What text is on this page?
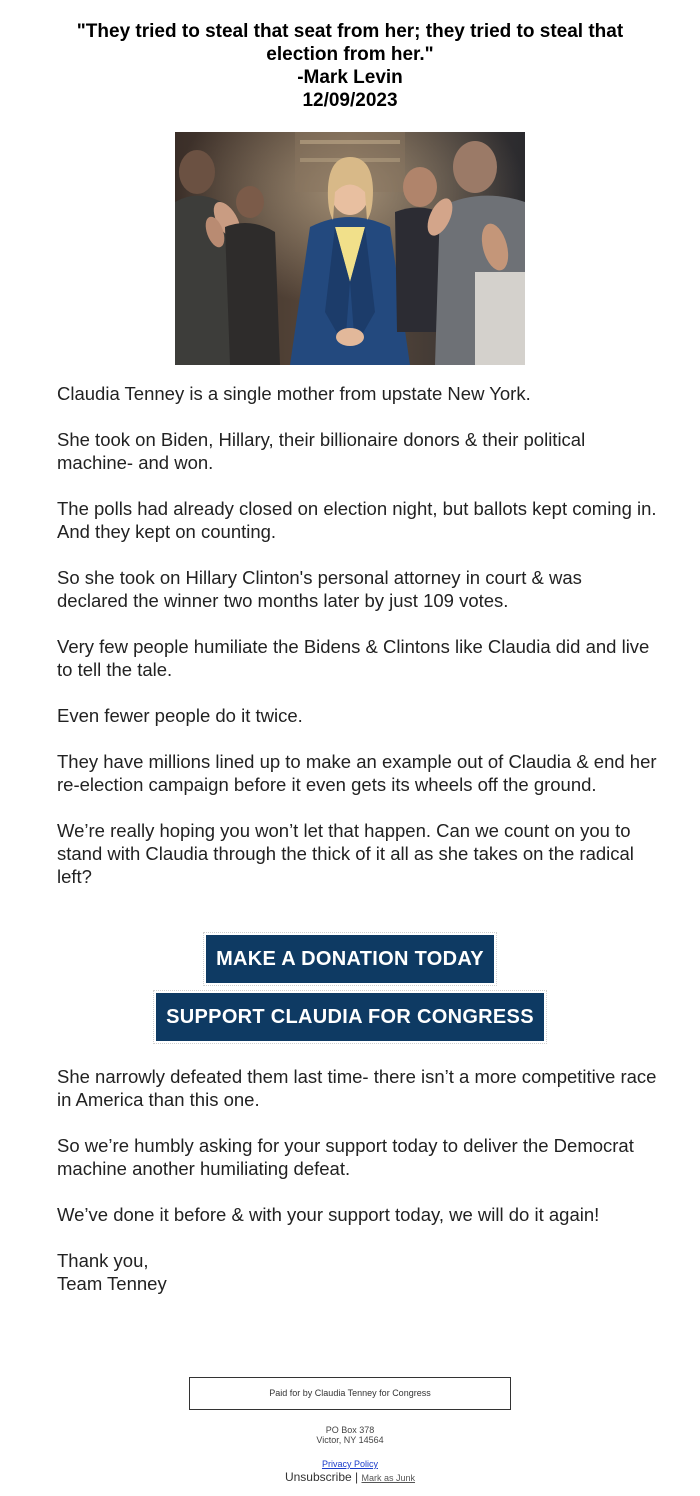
"They tried to steal that seat from her; they tried to steal that election from her."
-Mark Levin
12/09/2023

Claudia Tenney is a single mother from upstate New York.

She took on Biden, Hillary, their billionaire donors & their political machine- and won.

The polls had already closed on election night, but ballots kept coming in. And they kept on counting.

So she took on Hillary Clinton's personal attorney in court & was declared the winner two months later by just 109 votes.

Very few people humiliate the Bidens & Clintons like Claudia did and live to tell the tale.

Even fewer people do it twice.

They have millions lined up to make an example out of Claudia & end her re-election campaign before it even gets its wheels off the ground.

We’re really hoping you won’t let that happen. Can we count on you to stand with Claudia through the thick of it all as she takes on the radical left?

MAKE A DONATION TODAY
SUPPORT CLAUDIA FOR CONGRESS

She narrowly defeated them last time- there isn’t a more competitive race in America than this one.

So we’re humbly asking for your support today to deliver the Democrat machine another humiliating defeat.

We’ve done it before & with your support today, we will do it again!

Thank you,
Team Tenney

Paid for by Claudia Tenney for Congress
PO Box 378
Victor, NY 14564
Privacy Policy
Unsubscribe | Mark as Junk
